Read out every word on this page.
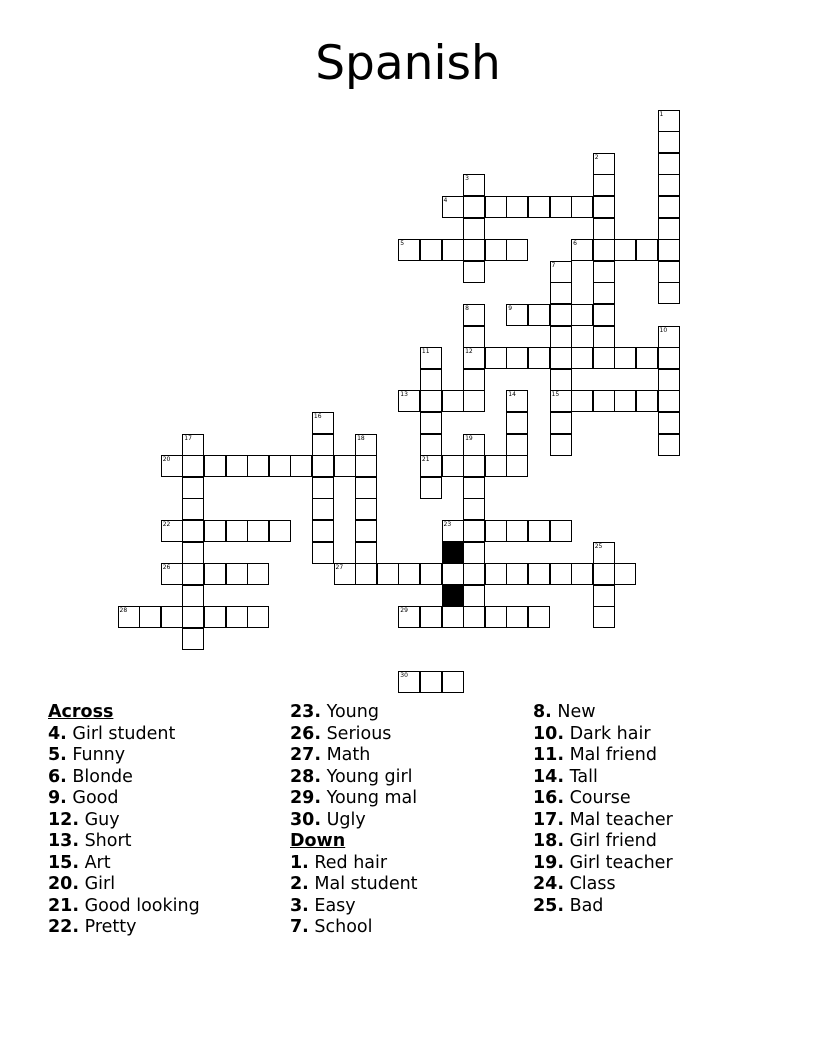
Spanish
1
2
3
4
5	6
7
15
8
12
9
10
11
21
13	14
16
17	18	19
20
22	23
24	25
26	27
28	29
30
Across
4. Girl student
5. Funny
6. Blonde
9. Good
12. Guy
13. Short
15. Art
20. Girl
21. Good looking
22. Pretty
23. Young
26. Serious
27. Math
28. Young girl
29. Young mal
30. Ugly
Down
1. Red hair
2. Mal student
3. Easy
7. School
8. New
10. Dark hair
11. Mal friend
14. Tall
16. Course
17. Mal teacher
18. Girl friend
19. Girl teacher
24. Class
25. Bad
